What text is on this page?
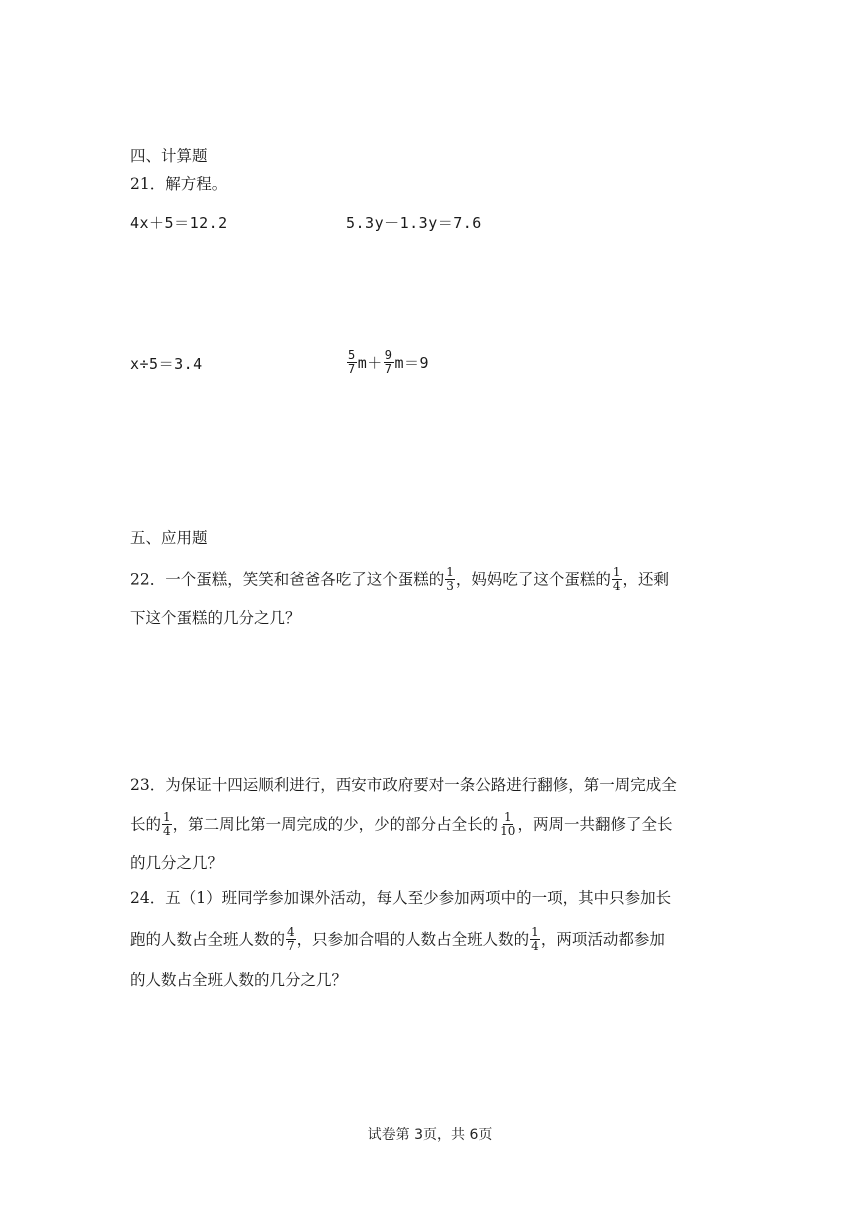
四、计算题
21．解方程。
4x＋5＝12.2	5.3y－1.3y＝7.6
x÷5＝3.4	$\frac{5}{7} m+ \frac{9}{7} m=9$
五、应用题
22．一个蛋糕，笑笑和爸爸各吃了这个蛋糕的 $\frac{1}{3}$ ，妈妈吃了这个蛋糕的 $\frac{1}{4}$ ，还剩
下这个蛋糕的几分之几？
23．为保证十四运顺利进行，西安市政府要对一条公路进行翻修，第一周完成全
长的 $\frac{1}{4}$ ，第二周比第一周完成的少，少的部分占全长的 $\frac{1}{10}$ ，两周一共翻修了全长
的几分之几？
24．五（1）班同学参加课外活动，每人至少参加两项中的一项，其中只参加长
跑的人数占全班人数的 $\frac{4}{7}$ ，只参加合唱的人数占全班人数的 $\frac{1}{4}$ ，两项活动都参加
的人数占全班人数的几分之几？
试卷第 3页，共 6页
